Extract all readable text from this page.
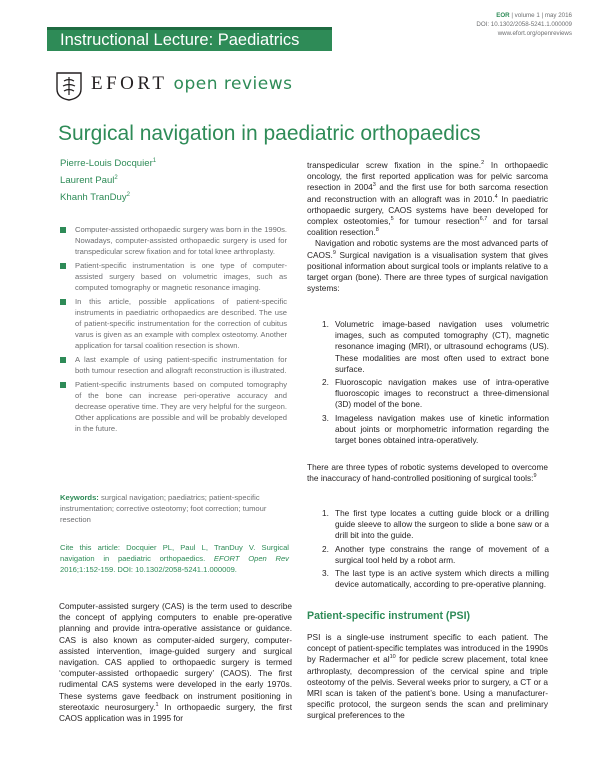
Instructional Lecture: Paediatrics
EOR | volume 1 | may 2016
DOI: 10.1302/2058-5241.1.000009
www.efort.org/openreviews
EFORT open reviews
Surgical navigation in paediatric orthopaedics
Pierre-Louis Docquier$^1$
Laurent Paul$^2$
Khanh TranDuy$^2$
Computer-assisted orthopaedic surgery was born in the 1990s. Nowadays, computer-assisted orthopaedic surgery is used for transpedicular screw fixation and for total knee arthroplasty.
Patient-specific instrumentation is one type of computer-assisted surgery based on volumetric images, such as computed tomography or magnetic resonance imaging.
In this article, possible applications of patient-specific instruments in paediatric orthopaedics are described. The use of patient-specific instrumentation for the correction of cubitus varus is given as an example with complex osteotomy. Another application for tarsal coalition resection is shown.
A last example of using patient-specific instrumentation for both tumour resection and allograft reconstruction is illustrated.
Patient-specific instruments based on computed tomography of the bone can increase peri-operative accuracy and decrease operative time. They are very helpful for the surgeon. Other applications are possible and will be probably developed in the future.
Keywords: surgical navigation; paediatrics; patient-specific instrumentation; corrective osteotomy; foot correction; tumour resection
Cite this article: Docquier PL, Paul L, TranDuy V. Surgical navigation in paediatric orthopaedics. EFORT Open Rev 2016;1:152-159. DOI: 10.1302/2058-5241.1.000009.
Computer-assisted surgery (CAS) is the term used to describe the concept of applying computers to enable pre-operative planning and provide intra-operative assistance or guidance. CAS is also known as computer-aided surgery, computer-assisted intervention, image-guided surgery and surgical navigation. CAS applied to orthopaedic surgery is termed ‘computer-assisted orthopaedic surgery’ (CAOS). The first rudimental CAS systems were developed in the early 1970s. These systems gave feedback on instrument positioning in stereotaxic neurosurgery.$^1$ In orthopaedic surgery, the first CAOS application was in 1995 for

transpedicular screw fixation in the spine.$^2$ In orthopaedic oncology, the first reported application was for pelvic sarcoma resection in 2004$^3$ and the first use for both sarcoma resection and reconstruction with an allograft was in 2010.$^4$ In paediatric orthopaedic surgery, CAOS systems have been developed for complex osteotomies,$^5$ for tumour resection$^{6,7}$ and for tarsal coalition resection.$^8$

Navigation and robotic systems are the most advanced parts of CAOS.$^9$ Surgical navigation is a visualisation system that gives positional information about surgical tools or implants relative to a target organ (bone). There are three types of surgical navigation systems:

1. Volumetric image-based navigation uses volumetric images, such as computed tomography (CT), magnetic resonance imaging (MRI), or ultrasound echograms (US). These modalities are most often used to extract bone surface.
2. Fluoroscopic navigation makes use of intra-operative fluoroscopic images to reconstruct a three-dimensional (3D) model of the bone.
3. Imageless navigation makes use of kinetic information about joints or morphometric information regarding the target bones obtained intra-operatively.
There are three types of robotic systems developed to overcome the inaccuracy of hand-controlled positioning of surgical tools:$^9$
1. The first type locates a cutting guide block or a drilling guide sleeve to allow the surgeon to slide a bone saw or a drill bit into the guide.
2. Another type constrains the range of movement of a surgical tool held by a robot arm.
3. The last type is an active system which directs a milling device automatically, according to pre-operative planning.
Patient-specific instrument (PSI)
PSI is a single-use instrument specific to each patient. The concept of patient-specific templates was introduced in the 1990s by Radermacher et al$^{10}$ for pedicle screw placement, total knee arthroplasty, decompression of the cervical spine and triple osteotomy of the pelvis. Several weeks prior to surgery, a CT or a MRI scan is taken of the patient’s bone. Using a manufacturer-specific protocol, the surgeon sends the scan and preliminary surgical preferences to the
